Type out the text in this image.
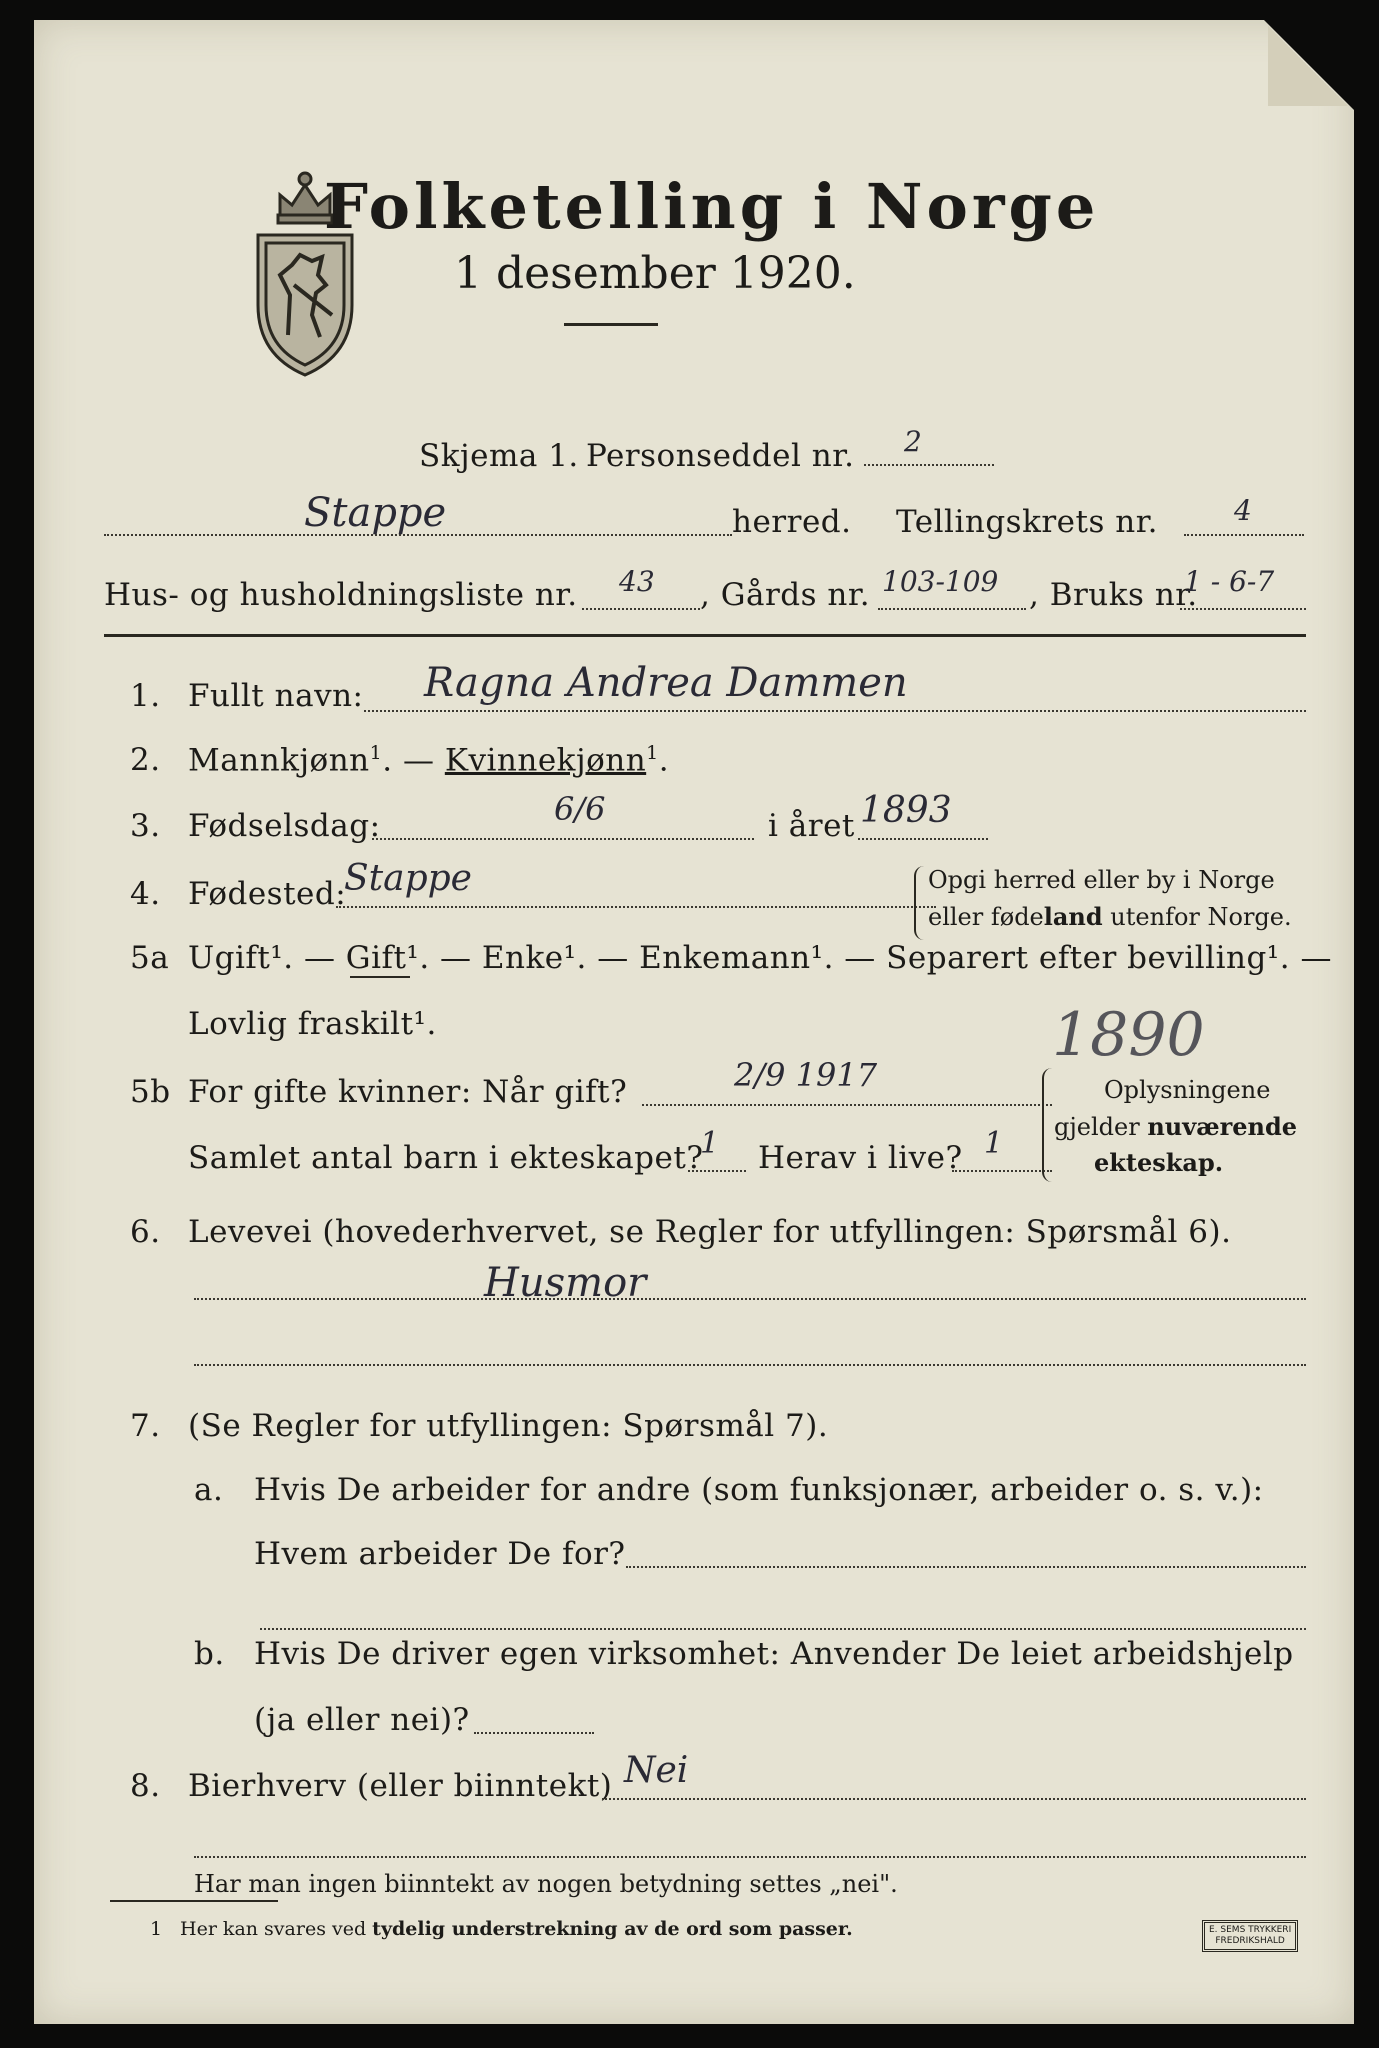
Folketelling i Norge
1 desember 1920.
Skjema 1. Personseddel nr. 2
Stappe	herred. Tellingskrets nr.	4
Hus- og husholdningsliste nr. 43 , Gårds nr. 103-109 , Bruks nr.
1 - 6-7
1. Fullt navn: Ragna Andrea Dammen
2. Mannkjønn$^1$. — Kvinnekjønn$^1$.
3. Fødselsdag:	6/6	i året 1893
4. Fødested:
Stappe	Opgi herred eller by i Norge
eller fødeland utenfor Norge.
5a Ugift¹. — Gift¹. — Enke¹. — Enkemann¹. — Separert efter bevilling¹. —
Lovlig fraskilt¹.	1890
5b For gifte kvinner: Når gift?	2/9 1917
Samlet antal barn i ekteskapet?
1 Herav i live? 1
Oplysningene
gjelder nuværende
ekteskap.
6. Levevei (hovederhvervet, se Regler for utfyllingen: Spørsmål 6).
Husmor
7. (Se Regler for utfyllingen: Spørsmål 7).
a. Hvis De arbeider for andre (som funksjonær, arbeider o. s. v.):
Hvem arbeider De for?
b. Hvis De driver egen virksomhet: Anvender De leiet arbeidshjelp
(ja eller nei)?
8. Bierhverv (eller biinntekt) Nei
Har man ingen biinntekt av nogen betydning settes „nei".
1 Her kan svares ved tydelig understrekning av de ord som passer.	E. SEMS TRYKKERI
FREDRIKSHALD
